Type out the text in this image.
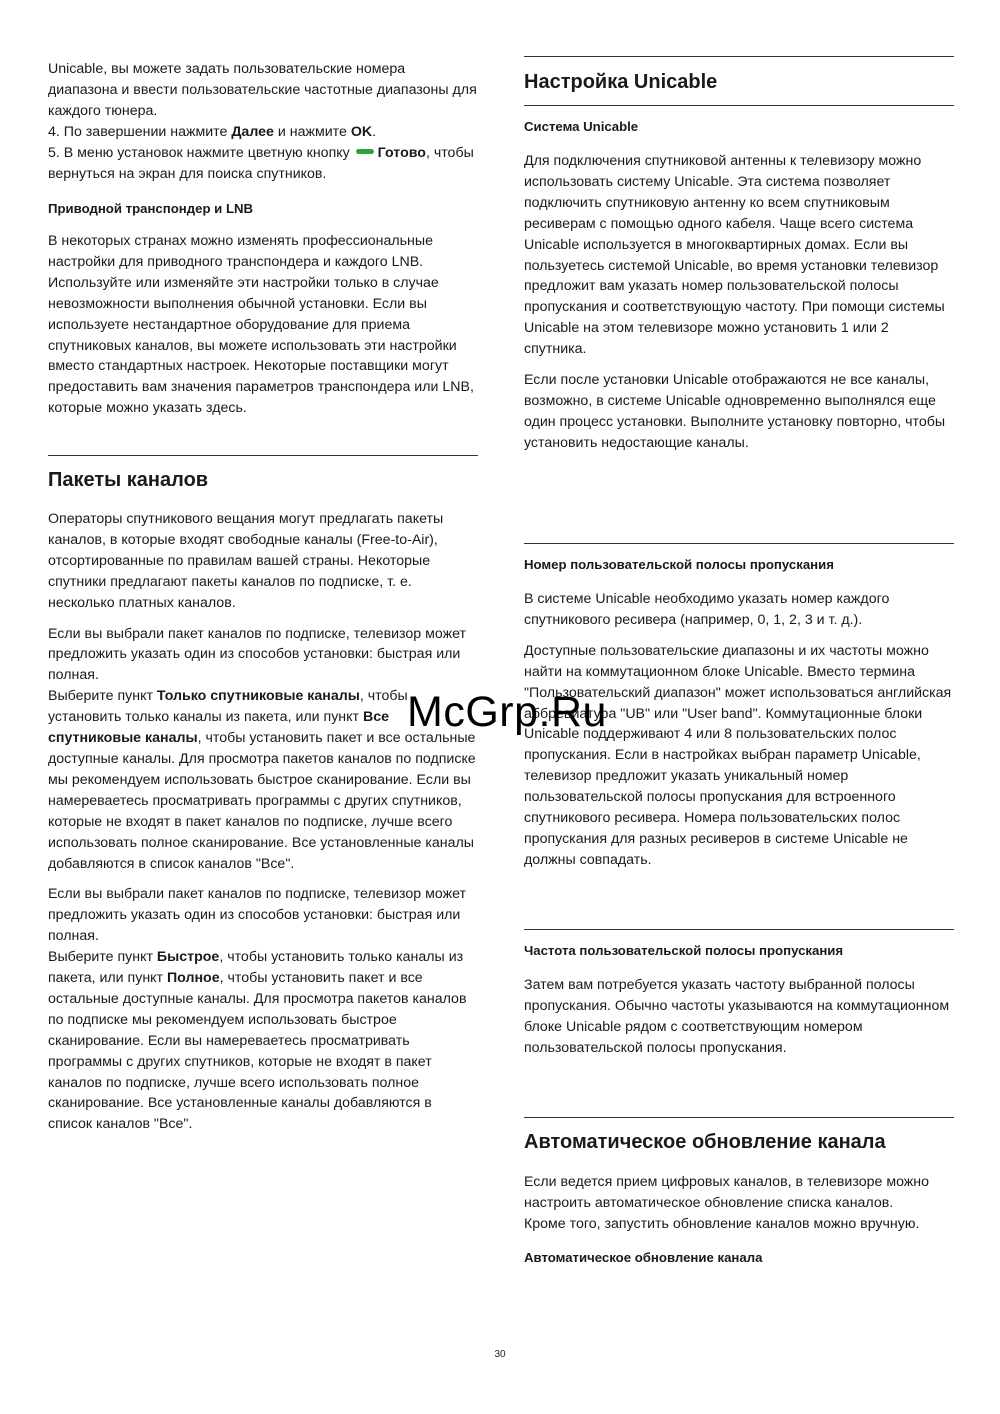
Unicable, вы можете задать пользовательские номера диапазона и ввести пользовательские частотные диапазоны для каждого тюнера.

4. По завершении нажмите Далее и нажмите OK.

5. В меню установок нажмите цветную кнопку Готово, чтобы вернуться на экран для поиска спутников.

Приводной транспондер и LNB

В некоторых странах можно изменять профессиональные настройки для приводного транспондера и каждого LNB. Используйте или изменяйте эти настройки только в случае невозможности выполнения обычной установки. Если вы используете нестандартное оборудование для приема спутниковых каналов, вы можете использовать эти настройки вместо стандартных настроек. Некоторые поставщики могут предоставить вам значения параметров транспондера или LNB, которые можно указать здесь.

Пакеты каналов

Операторы спутникового вещания могут предлагать пакеты каналов, в которые входят свободные каналы (Free-to-Air), отсортированные по правилам вашей страны. Некоторые спутники предлагают пакеты каналов по подписке, т. е. несколько платных каналов.

Если вы выбрали пакет каналов по подписке, телевизор может предложить указать один из способов установки: быстрая или полная.
Выберите пункт Только спутниковые каналы, чтобы установить только каналы из пакета, или пункт Все спутниковые каналы, чтобы установить пакет и все остальные доступные каналы. Для просмотра пакетов каналов по подписке мы рекомендуем использовать быстрое сканирование. Если вы намереваетесь просматривать программы с других спутников, которые не входят в пакет каналов по подписке, лучше всего использовать полное сканирование. Все установленные каналы добавляются в список каналов "Все".

Если вы выбрали пакет каналов по подписке, телевизор может предложить указать один из способов установки: быстрая или полная.
Выберите пункт Быстрое, чтобы установить только каналы из пакета, или пункт Полное, чтобы установить пакет и все остальные доступные каналы. Для просмотра пакетов каналов по подписке мы рекомендуем использовать быстрое сканирование. Если вы намереваетесь просматривать программы с других спутников, которые не входят в пакет каналов по подписке, лучше всего использовать полное сканирование. Все установленные каналы добавляются в список каналов "Все".

Настройка Unicable
Система Unicable

Для подключения спутниковой антенны к телевизору можно использовать систему Unicable. Эта система позволяет подключить спутниковую антенну ко всем спутниковым ресиверам с помощью одного кабеля. Чаще всего система Unicable используется в многоквартирных домах. Если вы пользуетесь системой Unicable, во время установки телевизор предложит вам указать номер пользовательской полосы пропускания и соответствующую частоту. При помощи системы Unicable на этом телевизоре можно установить 1 или 2 спутника.

Если после установки Unicable отображаются не все каналы, возможно, в системе Unicable одновременно выполнялся еще один процесс установки. Выполните установку повторно, чтобы установить недостающие каналы.

Номер пользовательской полосы пропускания

В системе Unicable необходимо указать номер каждого спутникового ресивера (например, 0, 1, 2, 3 и т. д.).

Доступные пользовательские диапазоны и их частоты можно найти на коммутационном блоке Unicable. Вместо термина "Пользовательский диапазон" может использоваться английская аббревиатура "UB" или "User band". Коммутационные блоки Unicable поддерживают 4 или 8 пользовательских полос пропускания. Если в настройках выбран параметр Unicable, телевизор предложит указать уникальный номер пользовательской полосы пропускания для встроенного спутникового ресивера. Номера пользовательских полос пропускания для разных ресиверов в системе Unicable не должны совпадать.

Частота пользовательской полосы пропускания

Затем вам потребуется указать частоту выбранной полосы пропускания. Обычно частоты указываются на коммутационном блоке Unicable рядом с соответствующим номером пользовательской полосы пропускания.

Автоматическое обновление канала

Если ведется прием цифровых каналов, в телевизоре можно настроить автоматическое обновление списка каналов.

Кроме того, запустить обновление каналов можно вручную.

Автоматическое обновление канала
McGrp.Ru
30
